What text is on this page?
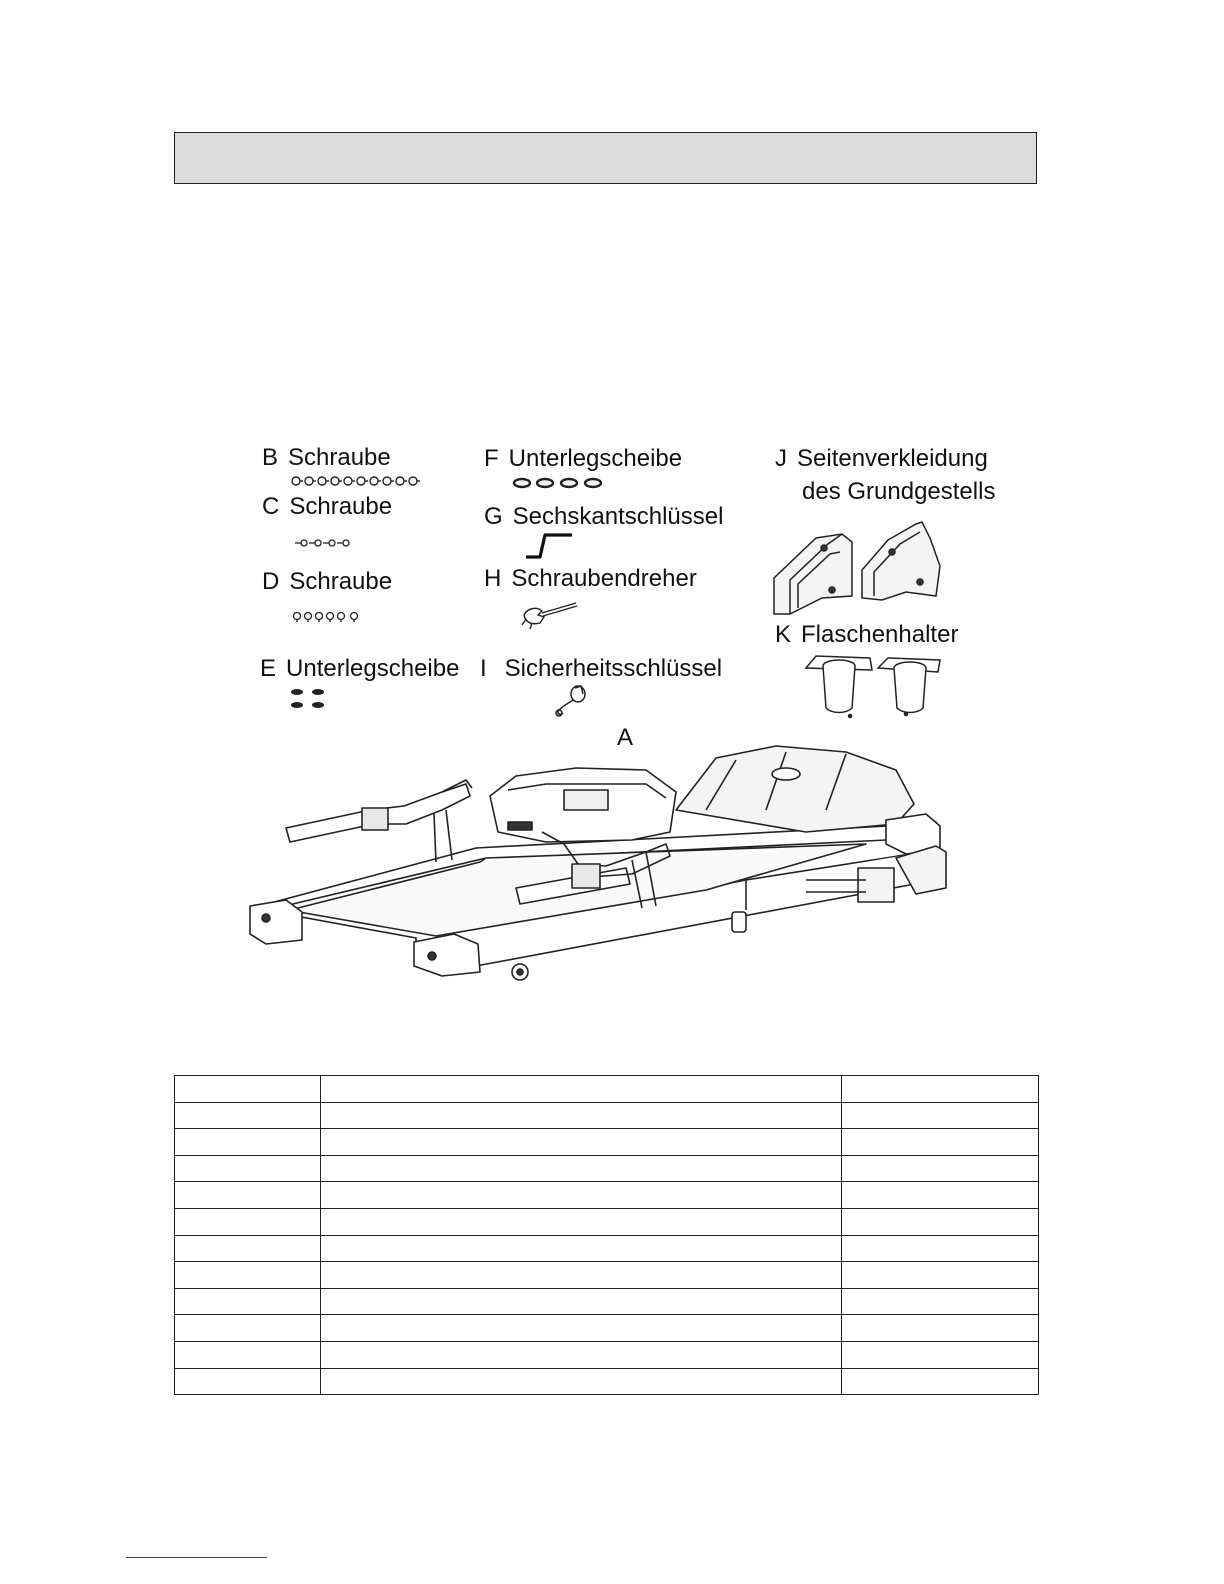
B Schraube
C Schraube
D Schraube
E Unterlegscheibe
F Unterlegscheibe
G Sechskantschlüssel
H Schraubendreher
I Sicherheitsschlüssel
J Seitenverkleidung
des Grundgestells
K Flaschenhalter
A
